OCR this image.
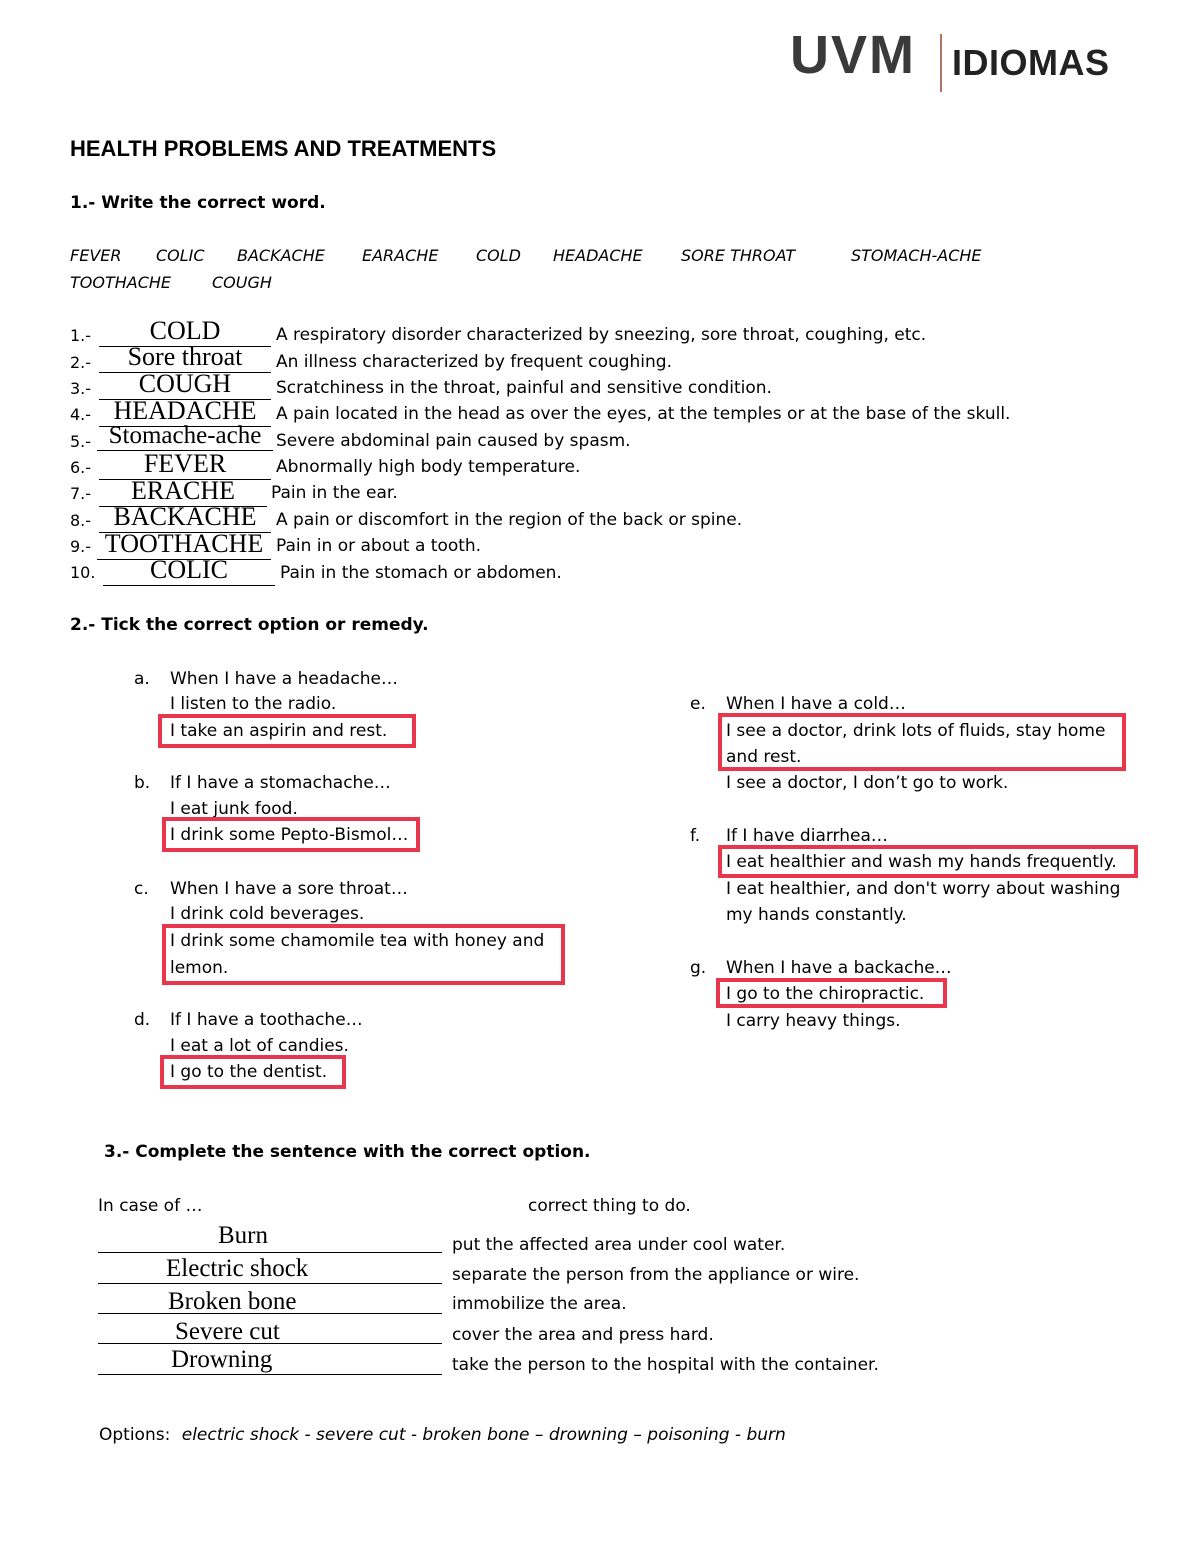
UVM IDIOMAS
HEALTH PROBLEMS AND TREATMENTS
1.- Write the correct word.
FEVER COLIC BACKACHE EARACHE COLD HEADACHE SORE THROAT	STOMACH-ACHE
TOOTHACHE	COUGH
1.-	COLD	A respiratory disorder characterized by sneezing, sore throat, coughing, etc.
2.-	Sore throat	An illness characterized by frequent coughing.
3.-	COUGH	Scratchiness in the throat, painful and sensitive condition.
4.- HEADACHE	A pain located in the head as over the eyes, at the temples or at the base of the skull.
5.- Stomache-ache Severe abdominal pain caused by spasm.
6.-	FEVER	Abnormally high body temperature.
7.-	ERACHE	Pain in the ear.
8.- BACKACHE	A pain or discomfort in the region of the back or spine.
9.- TOOTHACHE Pain in or about a tooth.
10.	COLIC	Pain in the stomach or abdomen.
2.- Tick the correct option or remedy.
a. When I have a headache…
I listen to the radio.
I take an aspirin and rest.
b. If I have a stomachache…
I eat junk food.
I drink some Pepto-Bismol…
c. When I have a sore throat…
I drink cold beverages.
I drink some chamomile tea with honey and
lemon.
d. If I have a toothache…
I eat a lot of candies.
I go to the dentist.
e. When I have a cold…
I see a doctor, drink lots of fluids, stay home
and rest.
I see a doctor, I don’t go to work.
f. If I have diarrhea…
I eat healthier and wash my hands frequently.
I eat healthier, and don't worry about washing
my hands constantly.
g. When I have a backache…
I go to the chiropractic.
I carry heavy things.
3.- Complete the sentence with the correct option.
In case of …	correct thing to do.
Burn	put the affected area under cool water.
Electric shock	separate the person from the appliance or wire.
Broken bone	immobilize the area.
Severe cut	cover the area and press hard.
Drowning	take the person to the hospital with the container.
Options: electric shock - severe cut - broken bone – drowning – poisoning - burn
